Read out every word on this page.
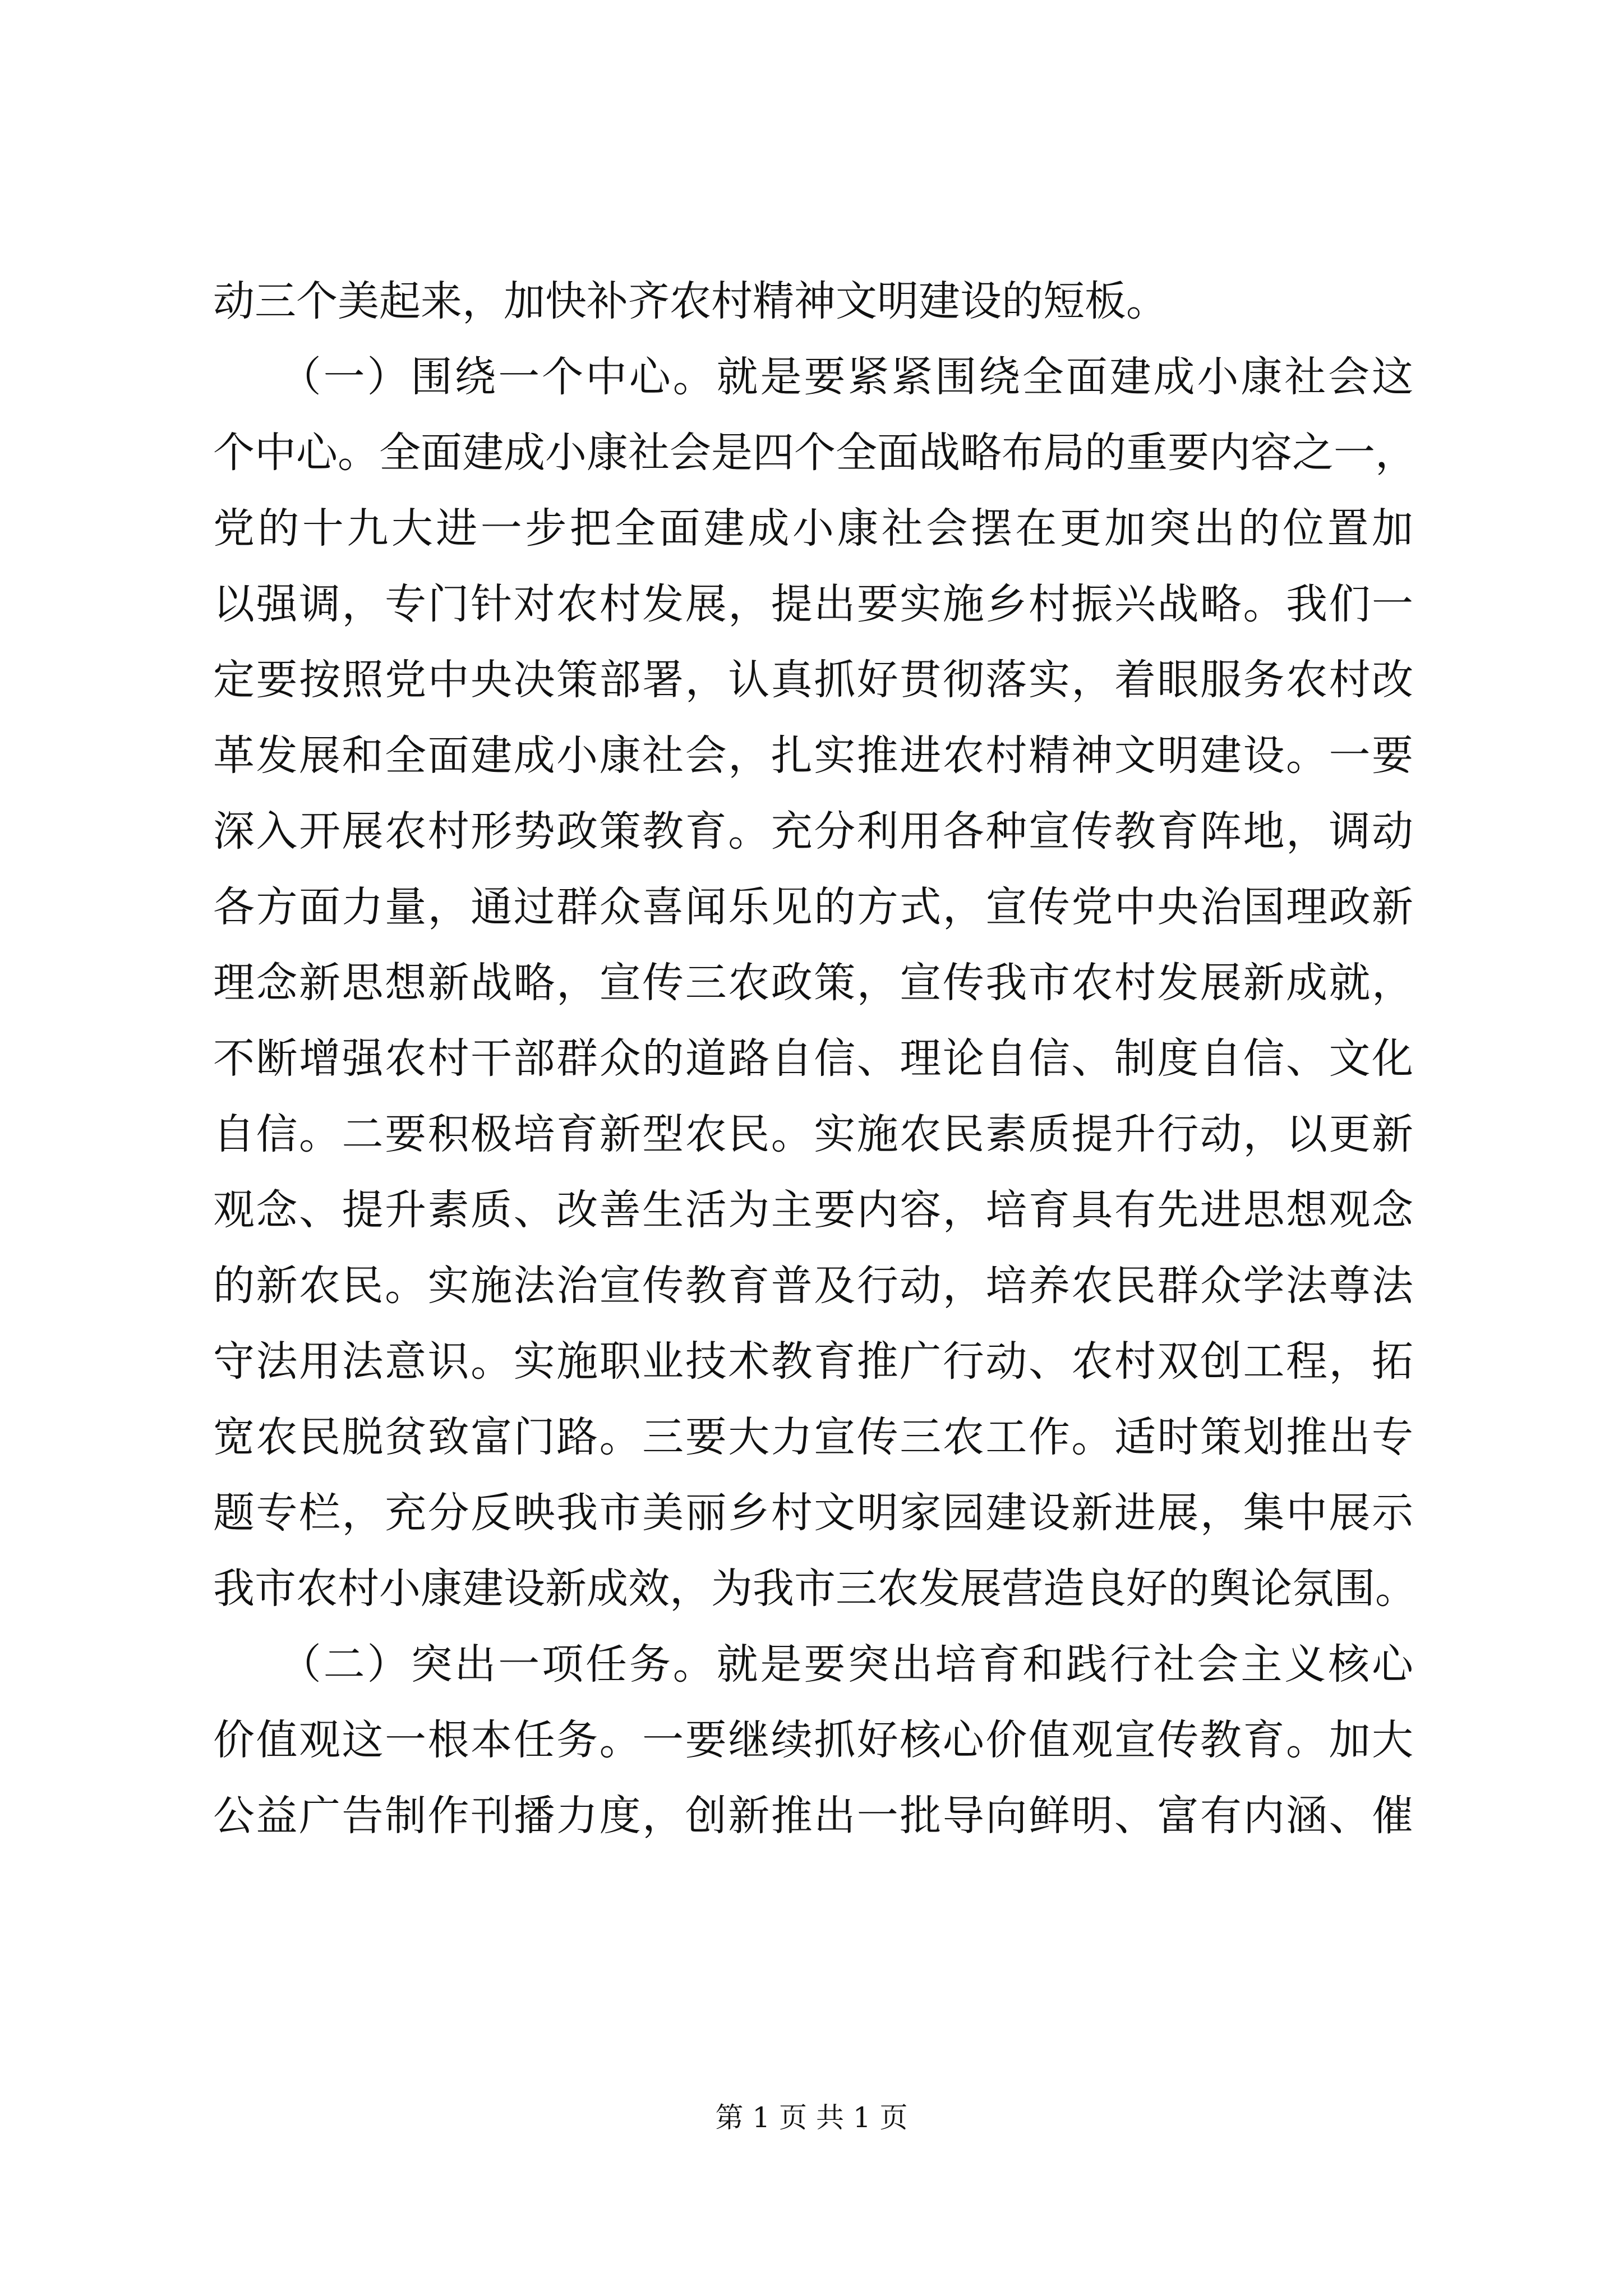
动三个美起来，加快补齐农村精神文明建设的短板。
　　（一）围绕一个中心。就是要紧紧围绕全面建成小康社会这
个中心。全面建成小康社会是四个全面战略布局的重要内容之一，
党的十九大进一步把全面建成小康社会摆在更加突出的位置加
以强调，专门针对农村发展，提出要实施乡村振兴战略。我们一
定要按照党中央决策部署，认真抓好贯彻落实，着眼服务农村改
革发展和全面建成小康社会，扎实推进农村精神文明建设。一要
深入开展农村形势政策教育。充分利用各种宣传教育阵地，调动
各方面力量，通过群众喜闻乐见的方式，宣传党中央治国理政新
理念新思想新战略，宣传三农政策，宣传我市农村发展新成就，
不断增强农村干部群众的道路自信、理论自信、制度自信、文化
自信。二要积极培育新型农民。实施农民素质提升行动，以更新
观念、提升素质、改善生活为主要内容，培育具有先进思想观念
的新农民。实施法治宣传教育普及行动，培养农民群众学法尊法
守法用法意识。实施职业技术教育推广行动、农村双创工程，拓
宽农民脱贫致富门路。三要大力宣传三农工作。适时策划推出专
题专栏，充分反映我市美丽乡村文明家园建设新进展，集中展示
我市农村小康建设新成效，为我市三农发展营造良好的舆论氛围。
　　（二）突出一项任务。就是要突出培育和践行社会主义核心
价值观这一根本任务。一要继续抓好核心价值观宣传教育。加大
公益广告制作刊播力度，创新推出一批导向鲜明、富有内涵、催
第 1 页 共 1 页
